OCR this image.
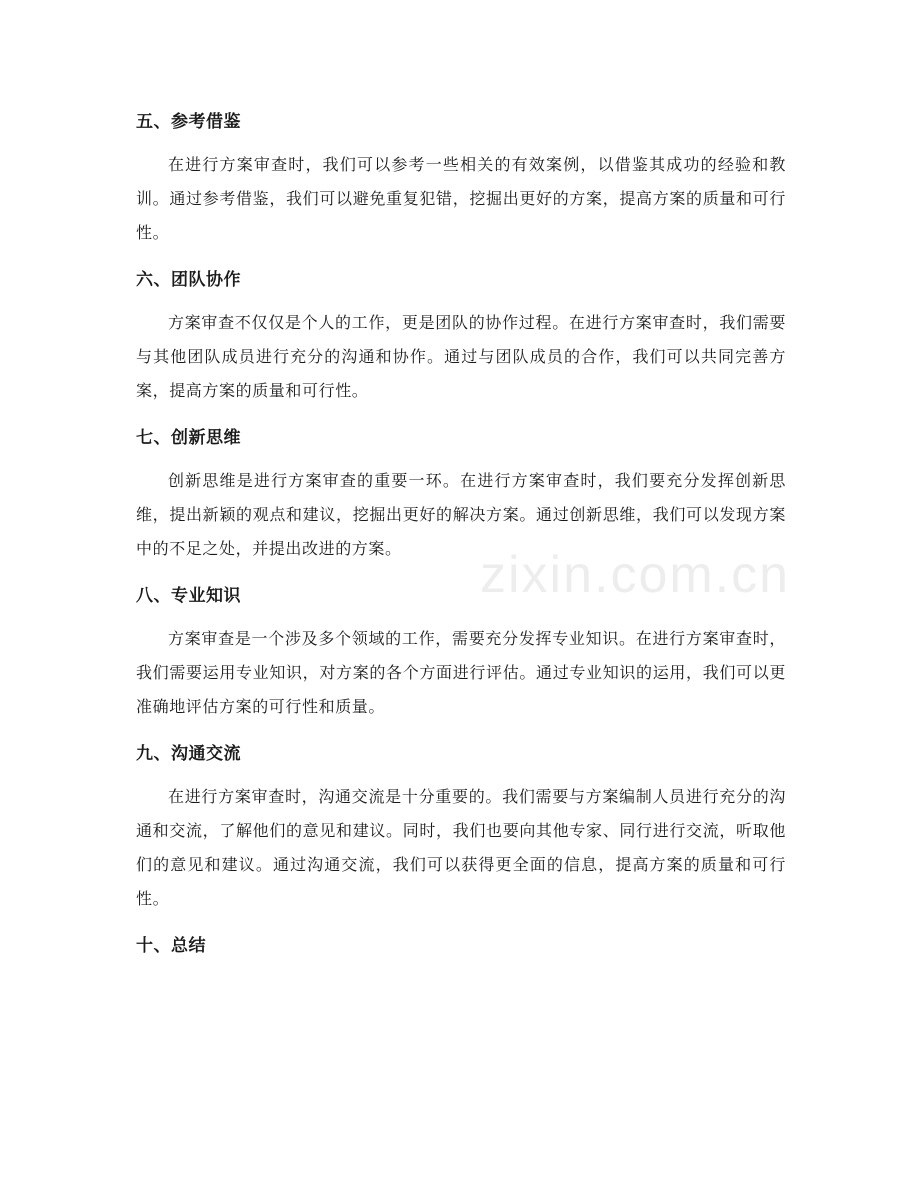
五、参考借鉴

在进行方案审查时，我们可以参考一些相关的有效案例，以借鉴其成功的经验和教训。通过参考借鉴，我们可以避免重复犯错，挖掘出更好的方案，提高方案的质量和可行性。

六、团队协作

方案审查不仅仅是个人的工作，更是团队的协作过程。在进行方案审查时，我们需要与其他团队成员进行充分的沟通和协作。通过与团队成员的合作，我们可以共同完善方案，提高方案的质量和可行性。

七、创新思维

创新思维是进行方案审查的重要一环。在进行方案审查时，我们要充分发挥创新思维，提出新颖的观点和建议，挖掘出更好的解决方案。通过创新思维，我们可以发现方案中的不足之处，并提出改进的方案。

八、专业知识

方案审查是一个涉及多个领域的工作，需要充分发挥专业知识。在进行方案审查时，我们需要运用专业知识，对方案的各个方面进行评估。通过专业知识的运用，我们可以更准确地评估方案的可行性和质量。

九、沟通交流

在进行方案审查时，沟通交流是十分重要的。我们需要与方案编制人员进行充分的沟通和交流，了解他们的意见和建议。同时，我们也要向其他专家、同行进行交流，听取他们的意见和建议。通过沟通交流，我们可以获得更全面的信息，提高方案的质量和可行性。

十、总结
zixin.com.cn
